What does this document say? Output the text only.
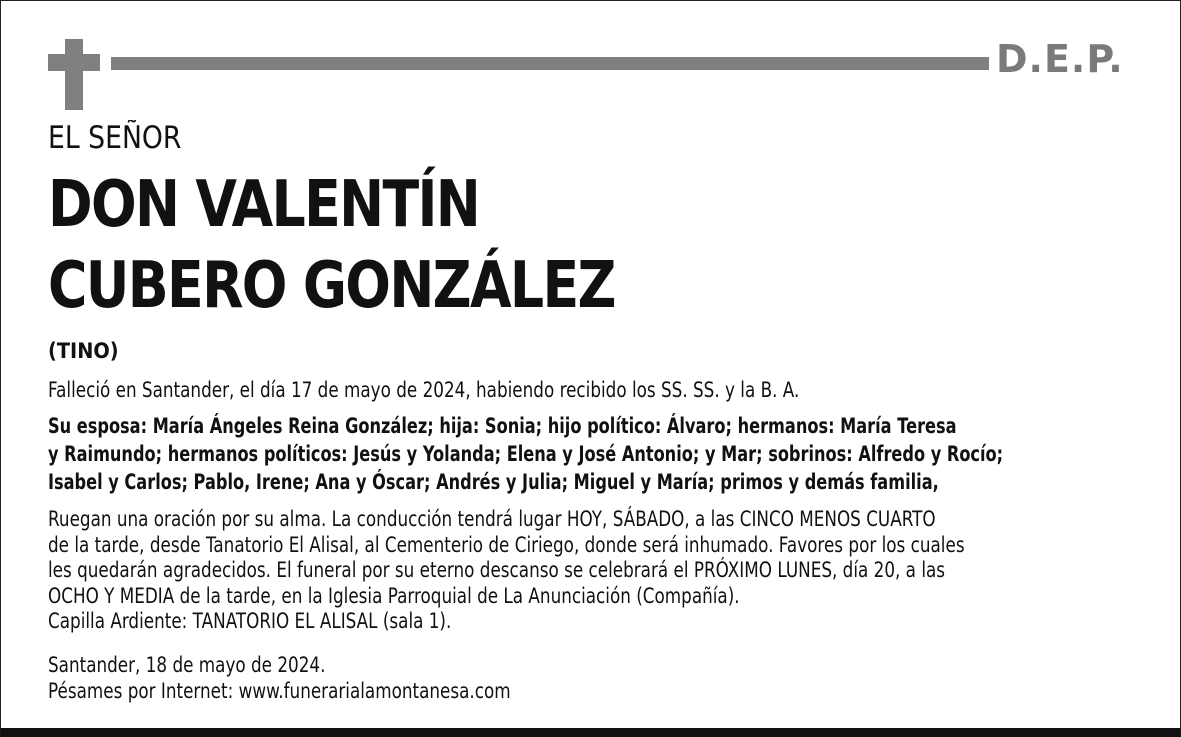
D.E.P.
EL SEÑOR
DON VALENTÍN
CUBERO GONZÁLEZ
(TINO)
Falleció en Santander, el día 17 de mayo de 2024, habiendo recibido los SS. SS. y la B. A.
Su esposa: María Ángeles Reina González; hija: Sonia; hijo político: Álvaro; hermanos: María Teresa
y Raimundo; hermanos políticos: Jesús y Yolanda; Elena y José Antonio; y Mar; sobrinos: Alfredo y Rocío;
Isabel y Carlos; Pablo, Irene; Ana y Óscar; Andrés y Julia; Miguel y María; primos y demás familia,
Ruegan una oración por su alma. La conducción tendrá lugar HOY, SÁBADO, a las CINCO MENOS CUARTO
de la tarde, desde Tanatorio El Alisal, al Cementerio de Ciriego, donde será inhumado. Favores por los cuales
les quedarán agradecidos. El funeral por su eterno descanso se celebrará el PRÓXIMO LUNES, día 20, a las
OCHO Y MEDIA de la tarde, en la Iglesia Parroquial de La Anunciación (Compañía).
Capilla Ardiente: TANATORIO EL ALISAL (sala 1).
Santander, 18 de mayo de 2024.
Pésames por Internet: www.funerarialamontanesa.com
